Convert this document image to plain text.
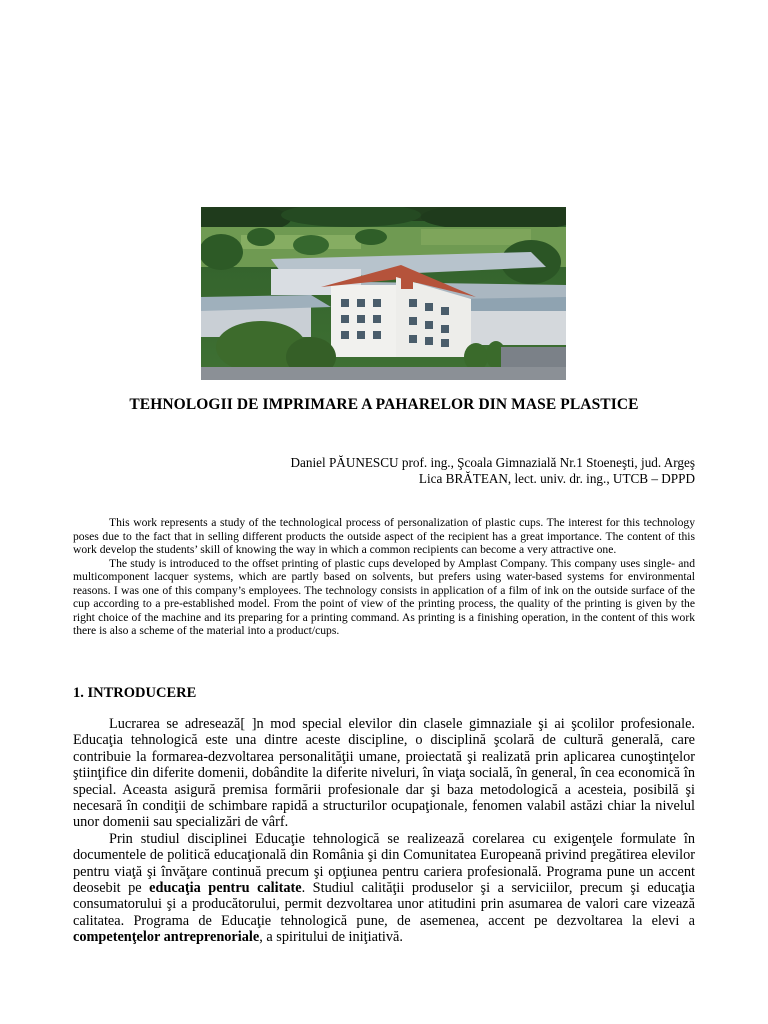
TEHNOLOGII DE IMPRIMARE A PAHARELOR DIN MASE PLASTICE
Daniel PĂUNESCU prof. ing., Şcoala Gimnazială Nr.1 Stoeneşti, jud. Argeş
Lica BRĂTEAN, lect. univ. dr. ing., UTCB – DPPD

This work represents a study of the technological process of personalization of plastic cups. The interest for this technology poses due to the fact that in selling different products the outside aspect of the recipient has a great importance. The content of this work develop the students’ skill of knowing the way in which a common recipients can become a very attractive one.

The study is introduced to the offset printing of plastic cups developed by Amplast Company. This company uses single- and multicomponent lacquer systems, which are partly based on solvents, but prefers using water-based systems for environmental reasons. I was one of this company’s employees. The technology consists in application of a film of ink on the outside surface of the cup according to a pre-established model. From the point of view of the printing process, the quality of the printing is given by the right choice of the machine and its preparing for a printing command. As printing is a finishing operation, in the content of this work there is also a scheme of the material into a product/cups.

1. INTRODUCERE

Lucrarea se adresează[ ]n mod special elevilor din clasele gimnaziale şi ai şcolilor profesionale. Educaţia tehnologică este una dintre aceste discipline, o disciplină şcolară de cultură generală, care contribuie la formarea-dezvoltarea personalităţii umane, proiectată şi realizată prin aplicarea cunoştinţelor ştiinţifice din diferite domenii, dobândite la diferite niveluri, în viaţa socială, în general, în cea economică în special. Aceasta asigură premisa formării profesionale dar şi baza metodologică a acesteia, posibilă şi necesară în condiţii de schimbare rapidă a structurilor ocupaţionale, fenomen valabil astăzi chiar la nivelul unor domenii sau specializări de vârf.

Prin studiul disciplinei Educaţie tehnologică se realizează corelarea cu exigenţele formulate în documentele de politică educaţională din România şi din Comunitatea Europeană privind pregătirea elevilor pentru viaţă şi învăţare continuă precum şi opţiunea pentru cariera profesională. Programa pune un accent deosebit pe educaţia pentru calitate. Studiul calităţii produselor şi a serviciilor, precum şi educaţia consumatorului şi a producătorului, permit dezvoltarea unor atitudini prin asumarea de valori care vizează calitatea. Programa de Educaţie tehnologică pune, de asemenea, accent pe dezvoltarea la elevi a competenţelor antreprenoriale, a spiritului de iniţiativă.
